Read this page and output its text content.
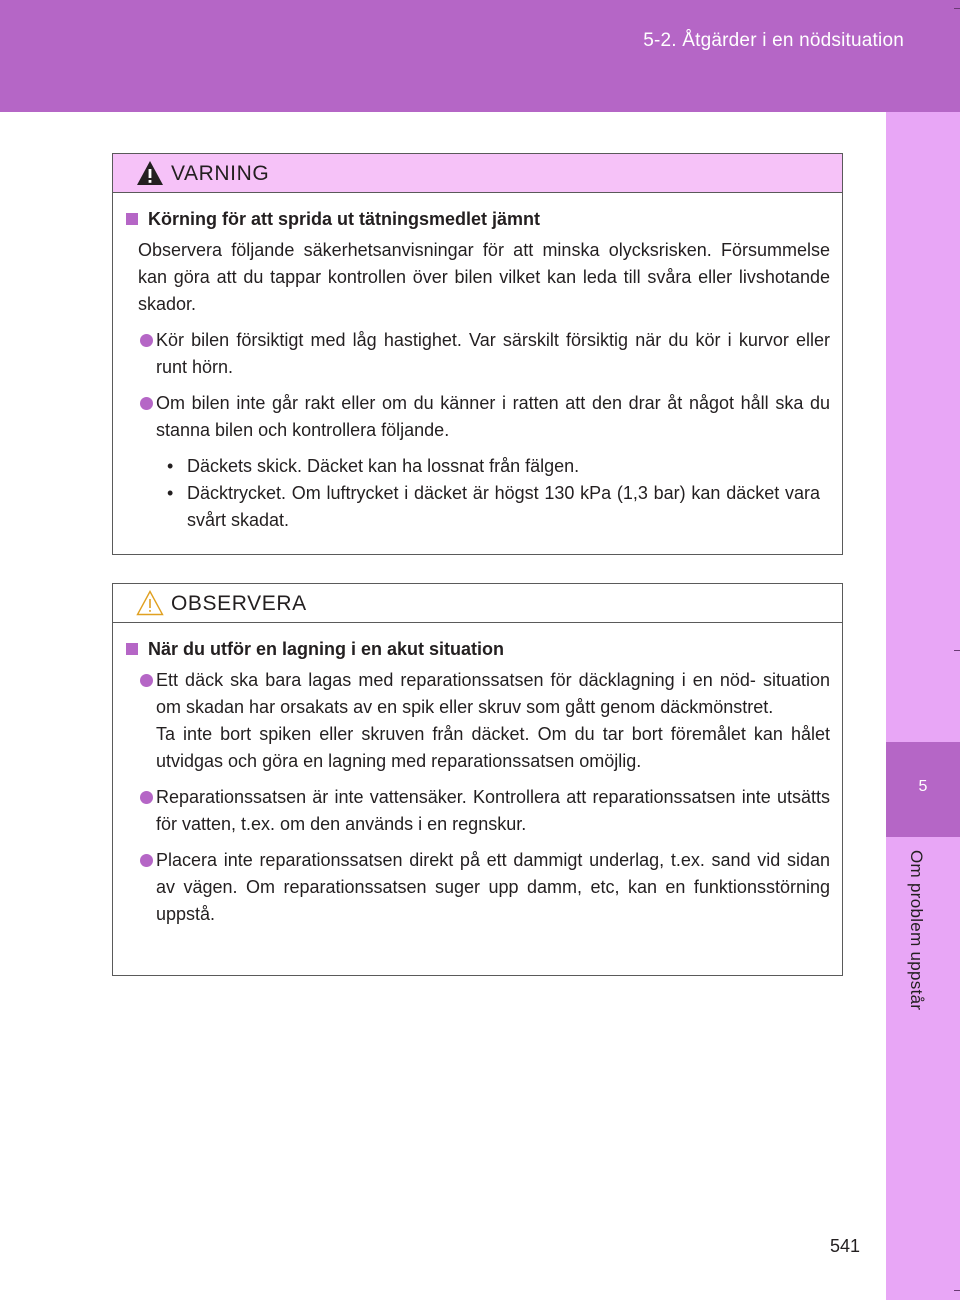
5-2. Åtgärder i en nödsituation
5
Om problem uppstår
VARNING
Körning för att sprida ut tätningsmedlet jämnt
Observera följande säkerhetsanvisningar för att minska olycksrisken. Försummelse kan göra att du tappar kontrollen över bilen vilket kan leda till svåra eller livshotande skador.
Kör bilen försiktigt med låg hastighet. Var särskilt försiktig när du kör i kurvor eller runt hörn.
Om bilen inte går rakt eller om du känner i ratten att den drar åt något håll ska du stanna bilen och kontrollera följande.
• Däckets skick. Däcket kan ha lossnat från fälgen.
• Däcktrycket. Om luftrycket i däcket är högst 130 kPa (1,3 bar) kan däcket vara svårt skadat.
OBSERVERA
När du utför en lagning i en akut situation
Ett däck ska bara lagas med reparationssatsen för däcklagning i en nöd- situation om skadan har orsakats av en spik eller skruv som gått genom däckmönstret.
Ta inte bort spiken eller skruven från däcket. Om du tar bort föremålet kan hålet utvidgas och göra en lagning med reparationssatsen omöjlig.
Reparationssatsen är inte vattensäker. Kontrollera att reparationssatsen inte utsätts för vatten, t.ex. om den används i en regnskur.
Placera inte reparationssatsen direkt på ett dammigt underlag, t.ex. sand vid sidan av vägen. Om reparationssatsen suger upp damm, etc, kan en funktionsstörning uppstå.
541
